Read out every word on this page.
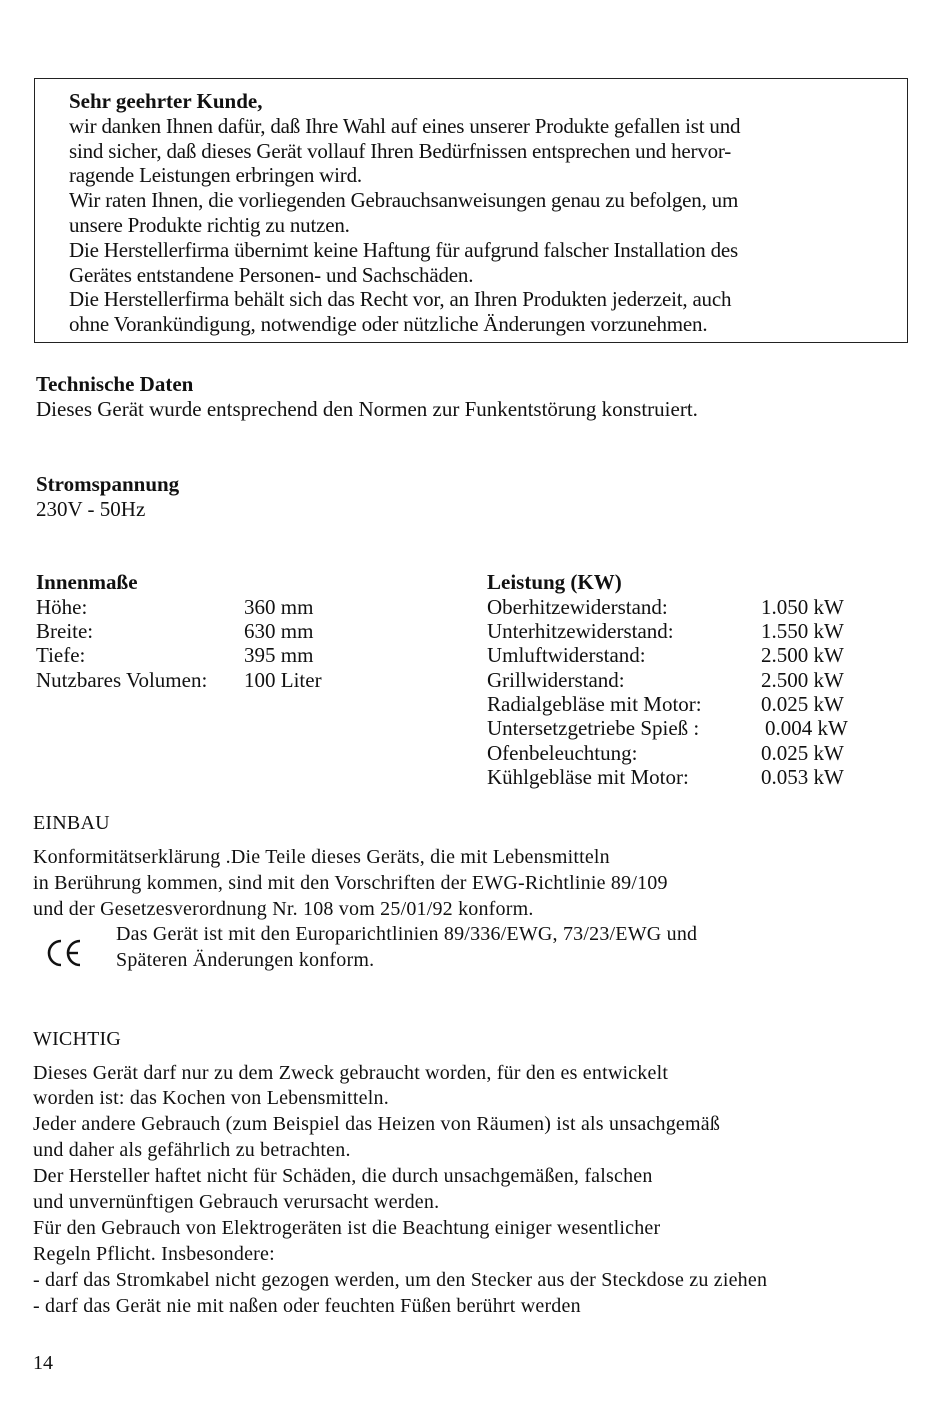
Sehr geehrter Kunde,
wir danken Ihnen dafür, daß Ihre Wahl auf eines unserer Produkte gefallen ist und
sind sicher, daß dieses Gerät vollauf Ihren Bedürfnissen entsprechen und hervor-
ragende Leistungen erbringen wird.
Wir raten Ihnen, die vorliegenden Gebrauchsanweisungen genau zu befolgen, um
unsere Produkte richtig zu nutzen.
Die Herstellerfirma übernimt keine Haftung für aufgrund falscher Installation des
Gerätes entstandene Personen- und Sachschäden.
Die Herstellerfirma behält sich das Recht vor, an Ihren Produkten jederzeit, auch
ohne Vorankündigung, notwendige oder nützliche Änderungen vorzunehmen.
Technische Daten
Dieses Gerät wurde entsprechend den Normen zur Funkentstörung konstruiert.
Stromspannung
230V - 50Hz
Innenmaße
Höhe:	360 mm
Breite:	630 mm
Tiefe:	395 mm
Nutzbares Volumen: 100 Liter
Leistung (KW)
Oberhitzewiderstand:	1.050 kW
Unterhitzewiderstand:	1.550 kW
Umluftwiderstand:	2.500 kW
Grillwiderstand:	2.500 kW
Radialgebläse mit Motor:	0.025 kW
Untersetzgetriebe Spieß :	0.004 kW
Ofenbeleuchtung:	0.025 kW
Kühlgebläse mit Motor:	0.053 kW
EINBAU
Konformitätserklärung .Die Teile dieses Geräts, die mit Lebensmitteln
in Berührung kommen, sind mit den Vorschriften der EWG-Richtlinie 89/109
und der Gesetzesverordnung Nr. 108 vom 25/01/92 konform.
Das Gerät ist mit den Europarichtlinien 89/336/EWG, 73/23/EWG und
Späteren Änderungen konform.
WICHTIG
Dieses Gerät darf nur zu dem Zweck gebraucht worden, für den es entwickelt
worden ist: das Kochen von Lebensmitteln.
Jeder andere Gebrauch (zum Beispiel das Heizen von Räumen) ist als unsachgemäß
und daher als gefährlich zu betrachten.
Der Hersteller haftet nicht für Schäden, die durch unsachgemäßen, falschen
und unvernünftigen Gebrauch verursacht werden.
Für den Gebrauch von Elektrogeräten ist die Beachtung einiger wesentlicher
Regeln Pflicht. Insbesondere:
- darf das Stromkabel nicht gezogen werden, um den Stecker aus der Steckdose zu ziehen
- darf das Gerät nie mit naßen oder feuchten Füßen berührt werden
14
